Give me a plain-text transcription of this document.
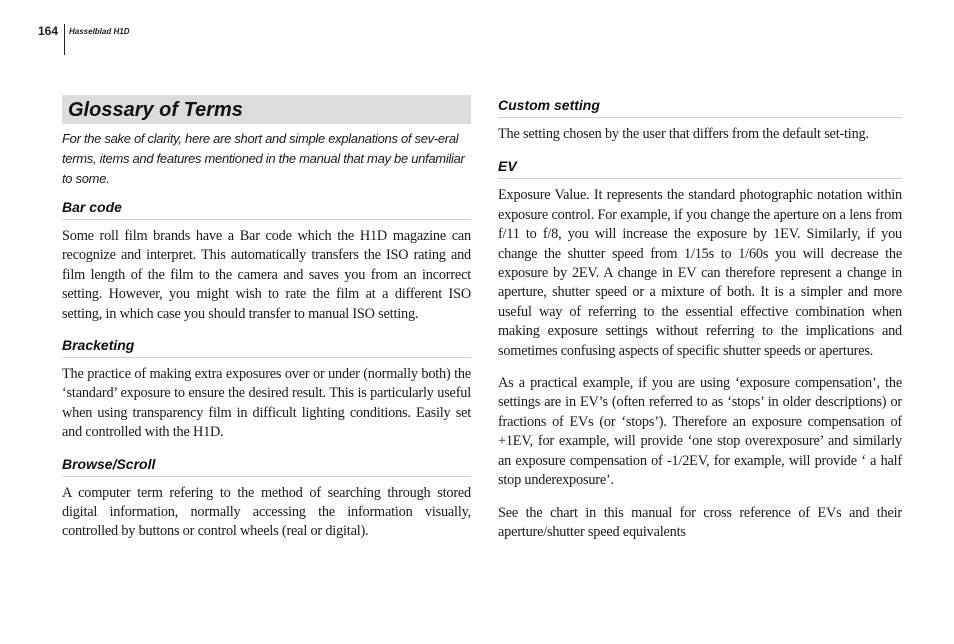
164 Hasselblad H1D
Glossary of Terms

For the sake of clarity, here are short and simple explanations of sev-eral terms, items and features mentioned in the manual that may be unfamiliar to some.

Bar code

Some roll film brands have a Bar code which the H1D magazine can recognize and interpret. This automatically transfers the ISO rating and film length of the film to the camera and saves you from an incorrect setting. However, you might wish to rate the film at a different ISO setting, in which case you should transfer to manual ISO setting.

Bracketing

The practice of making extra exposures over or under (normally both) the ‘standard’ exposure to ensure the desired result. This is particularly useful when using transparency film in difficult lighting conditions. Easily set and controlled with the H1D.

Browse/Scroll

A computer term refering to the method of searching through stored digital information, normally accessing the information visually, controlled by buttons or control wheels (real or digital).

Custom setting

The setting chosen by the user that differs from the default set-ting.

EV

Exposure Value. It represents the standard photographic notation within exposure control. For example, if you change the aperture on a lens from f/11 to f/8, you will increase the exposure by 1EV. Similarly, if you change the shutter speed from 1/15s to 1/60s you will decrease the exposure by 2EV. A change in EV can therefore represent a change in aperture, shutter speed or a mixture of both. It is a simpler and more useful way of referring to the essential effective combination when making exposure settings without referring to the implications and sometimes confusing aspects of specific shutter speeds or apertures.

As a practical example, if you are using ‘exposure compensation’, the settings are in EV’s (often referred to as ‘stops’ in older descriptions) or fractions of EVs (or ‘stops’). Therefore an exposure compensation of +1EV, for example, will provide ‘one stop overexposure’ and similarly an exposure compensation of -1/2EV, for example, will provide ‘ a half stop underexposure’.

See the chart in this manual for cross reference of EVs and their aperture/shutter speed equivalents
